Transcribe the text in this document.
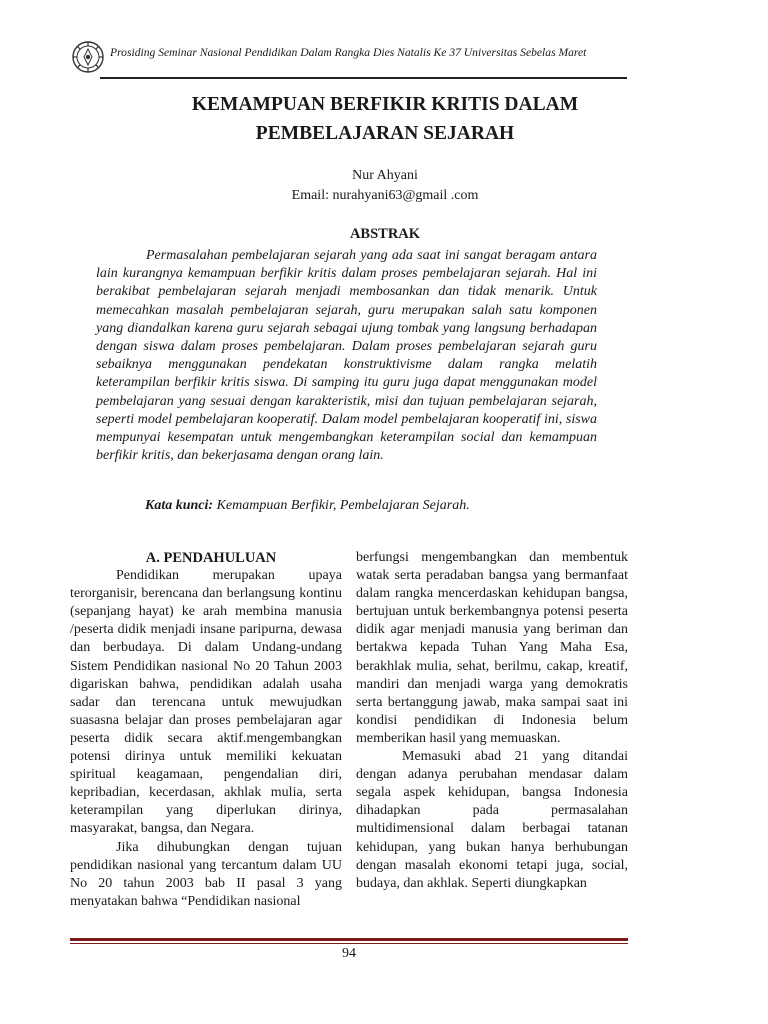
Prosiding Seminar Nasional Pendidikan Dalam Rangka Dies Natalis Ke 37 Universitas Sebelas Maret
KEMAMPUAN BERFIKIR KRITIS DALAM
PEMBELAJARAN SEJARAH
Nur Ahyani
Email: nurahyani63@gmail .com
ABSTRAK
Permasalahan pembelajaran sejarah yang ada saat ini sangat beragam antara lain kurangnya kemampuan berfikir kritis dalam proses pembelajaran sejarah. Hal ini berakibat pembelajaran sejarah menjadi membosankan dan tidak menarik. Untuk memecahkan masalah pembelajaran sejarah, guru merupakan salah satu komponen yang diandalkan karena guru sejarah sebagai ujung tombak yang langsung berhadapan dengan siswa dalam proses pembelajaran. Dalam proses pembelajaran sejarah guru sebaiknya menggunakan pendekatan konstruktivisme dalam rangka melatih keterampilan berfikir kritis siswa. Di samping itu guru juga dapat menggunakan model pembelajaran yang sesuai dengan karakteristik, misi dan tujuan pembelajaran sejarah, seperti model pembelajaran kooperatif. Dalam model pembelajaran kooperatif ini, siswa mempunyai kesempatan untuk mengembangkan keterampilan social dan kemampuan berfikir kritis, dan bekerjasama dengan orang lain.
Kata kunci: Kemampuan Berfikir, Pembelajaran Sejarah.
A. PENDAHULUAN

Pendidikan merupakan upaya terorganisir, berencana dan berlangsung kontinu (sepanjang hayat) ke arah membina manusia /peserta didik menjadi insane paripurna, dewasa dan berbudaya. Di dalam Undang-undang Sistem Pendidikan nasional No 20 Tahun 2003 digariskan bahwa, pendidikan adalah usaha sadar dan terencana untuk mewujudkan suasasna belajar dan proses pembelajaran agar peserta didik secara aktif.mengembangkan potensi dirinya untuk memiliki kekuatan spiritual keagamaan, pengendalian diri, kepribadian, kecerdasan, akhlak mulia, serta keterampilan yang diperlukan dirinya, masyarakat, bangsa, dan Negara.

Jika dihubungkan dengan tujuan pendidikan nasional yang tercantum dalam UU No 20 tahun 2003 bab II pasal 3 yang menyatakan bahwa “Pendidikan nasional

berfungsi mengembangkan dan membentuk watak serta peradaban bangsa yang bermanfaat dalam rangka mencerdaskan kehidupan bangsa, bertujuan untuk berkembangnya potensi peserta didik agar menjadi manusia yang beriman dan bertakwa kepada Tuhan Yang Maha Esa, berakhlak mulia, sehat, berilmu, cakap, kreatif, mandiri dan menjadi warga yang demokratis serta bertanggung jawab, maka sampai saat ini kondisi pendidikan di Indonesia belum memberikan hasil yang memuaskan.

Memasuki abad 21 yang ditandai dengan adanya perubahan mendasar dalam segala aspek kehidupan, bangsa Indonesia dihadapkan pada permasalahan multidimensional dalam berbagai tatanan kehidupan, yang bukan hanya berhubungan dengan masalah ekonomi tetapi juga, social, budaya, dan akhlak. Seperti diungkapkan

94
